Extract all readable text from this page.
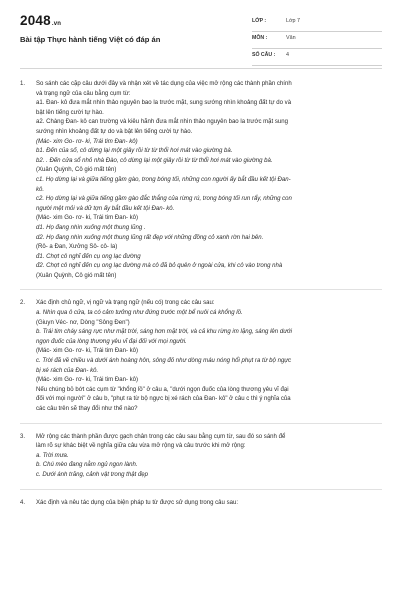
2048.vn
Bài tập Thực hành tiếng Việt có đáp án
LỚP :	Lớp 7
MÔN :	Văn
SỐ CÂU : 4
1. So sánh các cặp câu dưới đây và nhận xét về tác dụng của việc mở rộng các thành phần chính

và trạng ngữ của câu bằng cụm từ:

a1. Đan- kô đưa mắt nhìn thảo nguyên bao la trước mặt, sung sướng nhìn khoảng đất tự do và

bật lên tiếng cười tự hào.

a2. Chàng Đan- kô can trường và kiêu hãnh đưa mắt nhìn thảo nguyên bao la trước mặt sung

sướng nhìn khoảng đất tự do và bật lên tiếng cười tự hào.

(Mác- xim Go- rơ- ki, Trái tim Đan- kô)

b1. Đến của số, cô dừng lại một giây rồi từ từ thổi hơi mát vào giường bà.

b2. . Đến cửa sổ nhỏ nhà Đào, cô dừng lại một giây rồi từ từ thổi hơi mát vào giường bà.

(Xuân Quỳnh, Cô gió mất tên)

c1. Họ dừng lại và giữa tiếng gầm gào, trong bóng tối, những con người ấy bắt đầu kết tội Đan-

kô.

c2. Họ dừng lại và giữa tiếng gầm gào đắc thắng của rừng rú, trong bóng tối run rẩy, những con

người mệt mỏi và dữ tợn ấy bắt đầu kết tội Đan- kô.

(Mác- xim Go- rơ- ki, Trái tim Đan- kô)

d1. Họ đang nhìn xuống một thung lũng .

d2. Họ đang nhìn xuống một thung lũng rất đẹp với những đồng cỏ xanh rờn hai bên.

(Rô- a Đan, Xưởng Sô- cô- la)

đ1. Chợt cô nghĩ đến cụ ong lạc đường

đ2. Chợt cô nghĩ đến cụ ong lạc đường mà cô đã bỏ quên ở ngoài cửa, khi cô vào trong nhà

(Xuân Quỳnh, Cô gió mất tên)

2. Xác định chủ ngữ, vị ngữ và trạng ngữ (nếu có) trong các câu sau:

a. Nhìn qua ô cửa, ta có cảm tưởng như đứng trước một bể nuôi cá khổng lồ.

(Giuyn Véc- nơ, Dòng "Sông Đen")

b. Trái tim cháy sáng rực như mặt trời, sáng hơn mặt trời, và cả khu rừng im lặng, sáng lên dưới

ngọn đuốc của lòng thương yêu vĩ đại đối với mọi người.

(Mác- xim Go- rơ- ki, Trái tim Đan- kô)

c. Trời đã về chiều và dưới ánh hoàng hôn, sông đỏ như dòng máu nóng hổi phụt ra từ bộ ngực

bị xé rách của Đan- kô.

(Mác- xim Go- rơ- ki, Trái tim Đan- kô)

Nếu chúng bỏ bớt các cụm từ "khổng lồ" ở câu a, "dưới ngọn đuốc của lòng thương yêu vĩ đại

đối với mọi người" ở câu b, "phụt ra từ bộ ngực bị xé rách của Đan- kô" ở câu c thì ý nghĩa của

các câu trên sẽ thay đổi như thế nào?

3. Mở rộng các thành phần được gạch chân trong các câu sau bằng cụm từ, sau đó so sánh để

làm rõ sự khác biệt về nghĩa giữa câu vừa mở rộng và câu trước khi mở rộng:

a. Trời mưa.

b. Chú mèo đang nằm ngủ ngon lành.

c. Dưới ánh trăng, cảnh vật trong thật đẹp

4. Xác định và nêu tác dụng của biện pháp tu từ được sử dụng trong câu sau:
